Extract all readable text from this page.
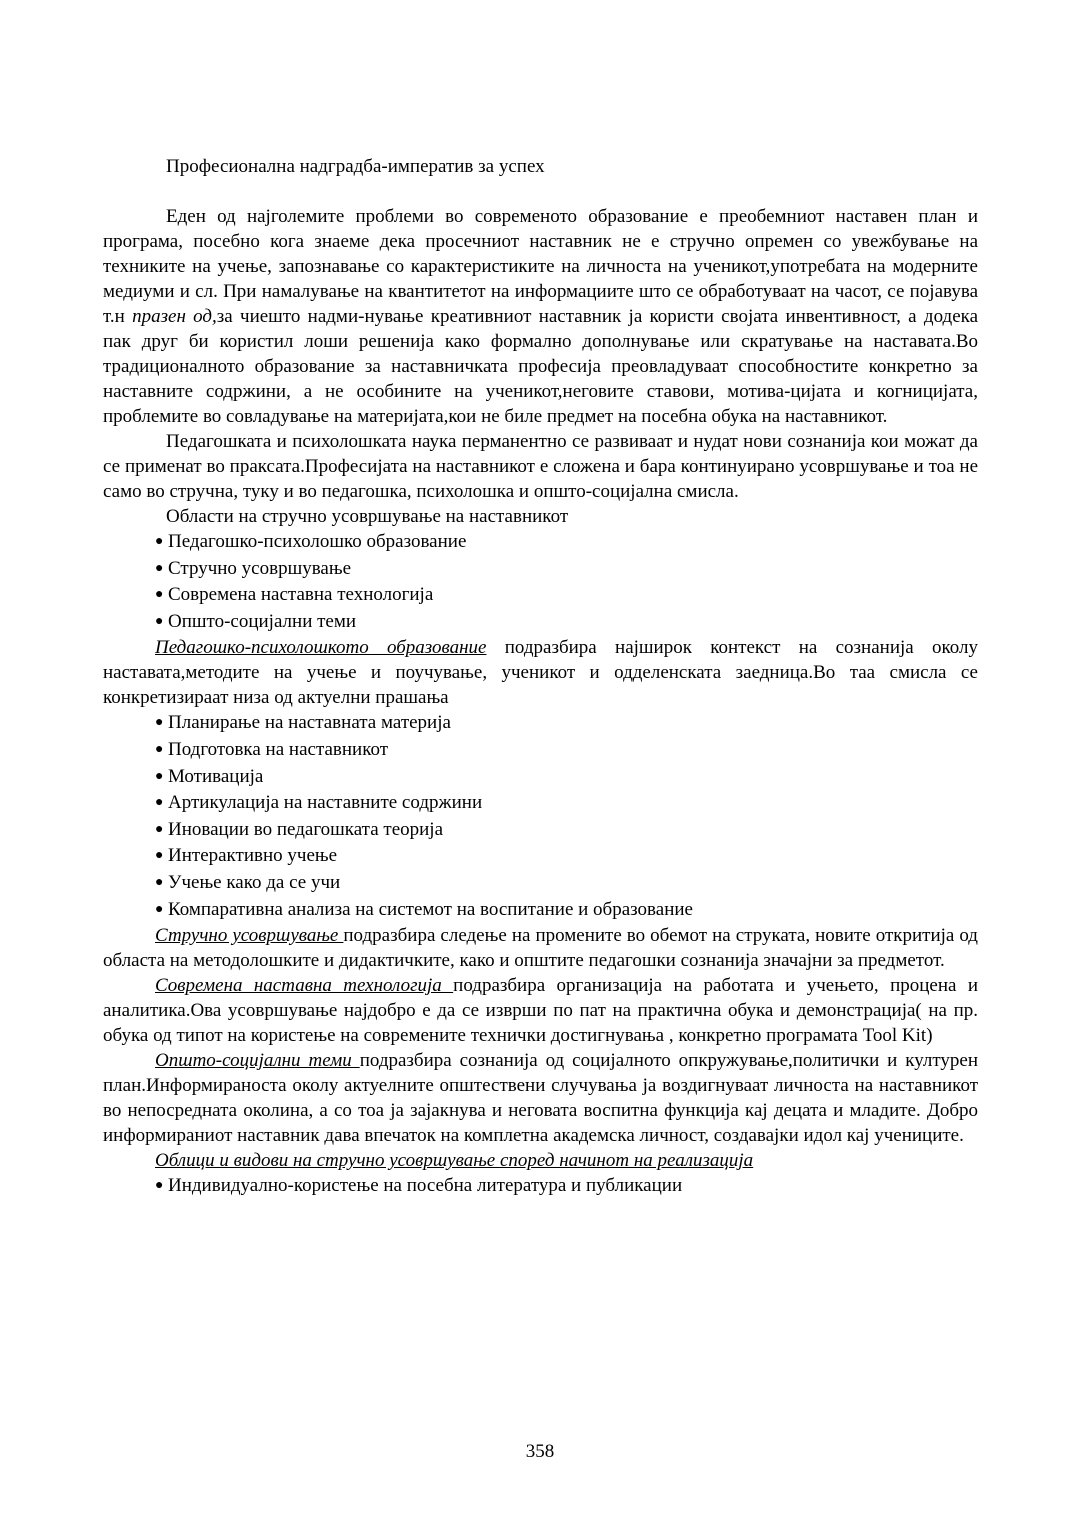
Професионална надградба-императив за успех

Еден од најголемите проблеми во современото образование е преобемниот наставен план и програма, посебно кога знаеме дека просечниот наставник не е стручно опремен со увежбување на техниките на учење, запознавање со карактеристиките на личноста на ученикот,употребата на модерните медиуми и сл. При намалување на квантитетот на информациите што се обработуваат на часот, се појавува т.н празен од,за чиешто надми-нување креативниот наставник ја користи својата инвентивност, а додека пак друг би користил лоши решенија како формално дополнување или скратување на наставата.Во традиционалното образование за наставничката професија преовладуваат способностите конкретно за наставните содржини, а не особините на ученикот,неговите ставови, мотива-цијата и когницијата, проблемите во совладување на материјата,кои не биле предмет на посебна обука на наставникот.

Педагошката и психолошката наука перманентно се развиваат и нудат нови сознанија кои можат да се применат во праксата.Професијата на наставникот е сложена и бара континуирано усовршување и тоа не само во стручна, туку и во педагошка, психолошка и општо-социјална смисла.

Области на стручно усовршување на наставникот

● Педагошко-психолошко образование
● Стручно усовршување
● Современа наставна технологија
● Општо-социјални теми

Педагошко-психолошкото образование подразбира најширок контекст на сознанија околу наставата,методите на учење и поучување, ученикот и одделенската заедница.Во таа смисла се конкретизираат низа од актуелни прашања

● Планирање на наставната материја
● Подготовка на наставникот
● Мотивација
● Артикулација на наставните содржини
● Иновации во педагошката теорија
● Интерактивно учење
● Учење како да се учи
● Компаративна анализа на системот на воспитание и образование

Стручно усовршување подразбира следење на промените во обемот на струката, новите откритија од областа на методолошките и дидактичките, како и општите педагошки сознанија значајни за предметот.

Современа наставна технологија подразбира организација на работата и учењето, процена и аналитика.Ова усовршување најдобро е да се изврши по пат на практична обука и демонстрација( на пр. обука од типот на користење на современите технички достигнувања , конкретно програмата Tool Kit)

Општо-социјални теми подразбира сознанија од социјалното опкружување,политички и културен план.Информираноста околу актуелните општествени случувања ја воздигнуваат личноста на наставникот во непосредната околина, а со тоа ја зајакнува и неговата воспитна функција кај децата и младите. Добро информираниот наставник дава впечаток на комплетна академска личност, создавајки идол кај учениците.

Облици и видови на стручно усовршување според начинот на реализација

● Индивидуално-користење на посебна литература и публикации
358
